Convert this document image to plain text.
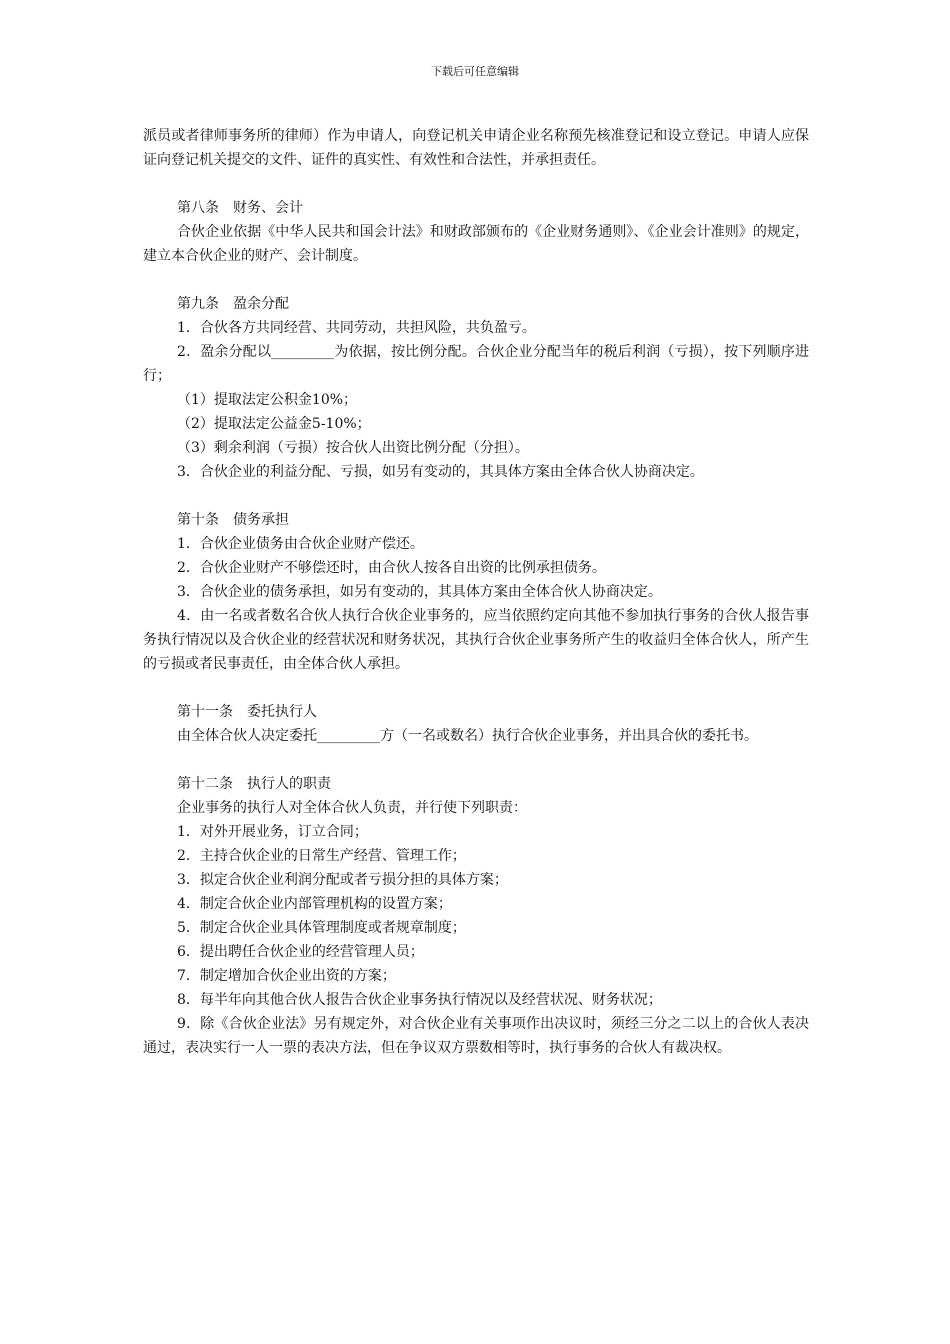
下载后可任意编辑

派员或者律师事务所的律师）作为申请人，向登记机关申请企业名称预先核准登记和设立登记。申请人应保证向登记机关提交的文件、证件的真实性、有效性和合法性，并承担责任。

第八条　财务、会计

合伙企业依据《中华人民共和国会计法》和财政部颁布的《企业财务通则》、《企业会计准则》的规定，建立本合伙企业的财产、会计制度。

第九条　盈余分配

1．合伙各方共同经营、共同劳动，共担风险，共负盈亏。

2．盈余分配以_________为依据，按比例分配。合伙企业分配当年的税后利润（亏损），按下列顺序进行；

（1）提取法定公积金10%；

（2）提取法定公益金5-10%；

（3）剩余利润（亏损）按合伙人出资比例分配（分担）。

3．合伙企业的利益分配、亏损，如另有变动的，其具体方案由全体合伙人协商决定。

第十条　债务承担

1．合伙企业债务由合伙企业财产偿还。

2．合伙企业财产不够偿还时，由合伙人按各自出资的比例承担债务。

3．合伙企业的债务承担，如另有变动的，其具体方案由全体合伙人协商决定。

4．由一名或者数名合伙人执行合伙企业事务的，应当依照约定向其他不参加执行事务的合伙人报告事务执行情况以及合伙企业的经营状况和财务状况，其执行合伙企业事务所产生的收益归全体合伙人，所产生的亏损或者民事责任，由全体合伙人承担。

第十一条　委托执行人

由全体合伙人决定委托_________方（一名或数名）执行合伙企业事务，并出具合伙的委托书。

第十二条　执行人的职责

企业事务的执行人对全体合伙人负责，并行使下列职责：

1．对外开展业务，订立合同；

2．主持合伙企业的日常生产经营、管理工作；

3．拟定合伙企业利润分配或者亏损分担的具体方案；

4．制定合伙企业内部管理机构的设置方案；

5．制定合伙企业具体管理制度或者规章制度；

6．提出聘任合伙企业的经营管理人员；

7．制定增加合伙企业出资的方案；

8．每半年向其他合伙人报告合伙企业事务执行情况以及经营状况、财务状况；

9．除《合伙企业法》另有规定外，对合伙企业有关事项作出决议时，须经三分之二以上的合伙人表决通过，表决实行一人一票的表决方法，但在争议双方票数相等时，执行事务的合伙人有裁决权。
